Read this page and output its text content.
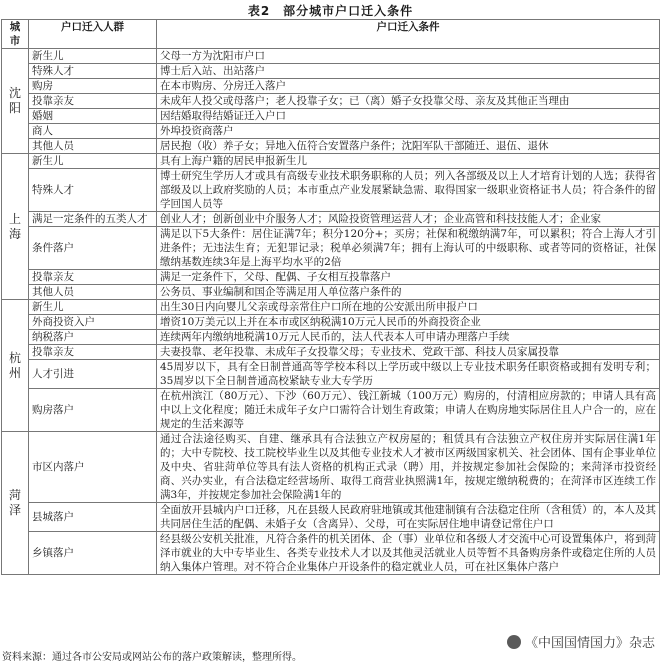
表2　部分城市户口迁入条件
城市	户口迁入人群	户口迁入条件

沈阳	新生儿	父母一方为沈阳市户口
	特殊人才	博士后入站、出站落户
	购房	在本市购房、分房迁入落户
	投靠亲友	未成年人投父或母落户；老人投靠子女；已（离）婚子女投靠父母、亲友及其他正当理由
	婚姻	因结婚取得结婚证迁入户口
	商人	外埠投资商落户
	其他人员	居民抱（收）养子女；异地入伍符合安置落户条件；沈阳军队干部随迁、退伍、退休

上海	新生儿	具有上海户籍的居民申报新生儿
	特殊人才	博士研究生学历人才或具有高级专业技术职务职称的人员；列入各部级及以上人才培育计划的人选；获得省部级及以上政府奖励的人员；本市重点产业发展紧缺急需、取得国家一级职业资格证书人员；符合条件的留学回国人员等
	满足一定条件的五类人才	创业人才；创新创业中介服务人才；风险投资管理运营人才；企业高管和科技技能人才；企业家
	条件落户	满足以下5大条件：居住证满7年；积分120分+；买房；社保和税缴纳满7年，可以累积；符合上海人才引进条件；无违法生育；无犯罪记录；税单必须满7年；拥有上海认可的中级职称、或者等同的资格证，社保缴纳基数连续3年是上海平均水平的2倍
	投靠亲友	满足一定条件下，父母、配偶、子女相互投靠落户
	其他人员	公务员、事业编制和国企等满足用人单位落户条件的

杭州	新生儿	出生30日内向婴儿父亲或母亲常住户口所在地的公安派出所申报户口
	外商投资入户	增资10万美元以上并在本市或区纳税满10万元人民币的外商投资企业
	纳税落户	连续两年内缴纳地税满10万元人民币的，法人代表本人可申请办理落户手续
	投靠亲友	夫妻投靠、老年投靠、未成年子女投靠父母；专业技术、党政干部、科技人员家属投靠
	人才引进	45周岁以下，具有全日制普通高等学校本科以上学历或中级以上专业技术职务任职资格或拥有发明专利；35周岁以下全日制普通高校紧缺专业大专学历
	购房落户	在杭州滨江（80万元）、下沙（60万元）、钱江新城（100万元）购房的，付清相应房款的；申请人具有高中以上文化程度；随迁未成年子女户口需符合计划生育政策；申请人在购房地实际居住且人户合一的，应在规定的生活来源等

菏泽	市区内落户	通过合法途径购买、自建、继承具有合法独立产权房屋的；租赁具有合法独立产权住房并实际居住满1年的；大中专院校、技工院校毕业生以及其他专业技术人才被市区两级国家机关、社会团体、国有企事业单位及中央、省驻菏单位等具有法人资格的机构正式录（聘）用，并按规定参加社会保险的；来菏泽市投资经商、兴办实业，有合法稳定经营场所、取得工商营业执照满1年，按规定缴纳税费的；在菏泽市区连续工作满3年，并按规定参加社会保险满1年的
	县城落户	全面放开县城内户口迁移，凡在县级人民政府驻地镇或其他建制镇有合法稳定住所（含租赁）的，本人及其共同居住生活的配偶、未婚子女（含离异）、父母，可在实际居住地申请登记常住户口
	乡镇落户	经县级公安机关批准，凡符合条件的机关团体、企（事）业单位和各级人才交流中心可设置集体户，将到菏泽市就业的大中专毕业生、各类专业技术人才以及其他灵活就业人员等暂不具备购房条件或稳定住所的人员纳入集体户管理。对不符合企业集体户开设条件的稳定就业人员，可在社区集体户落户
《中国国情国力》杂志
资料来源：通过各市公安局或网站公布的落户政策解读，整理所得。
